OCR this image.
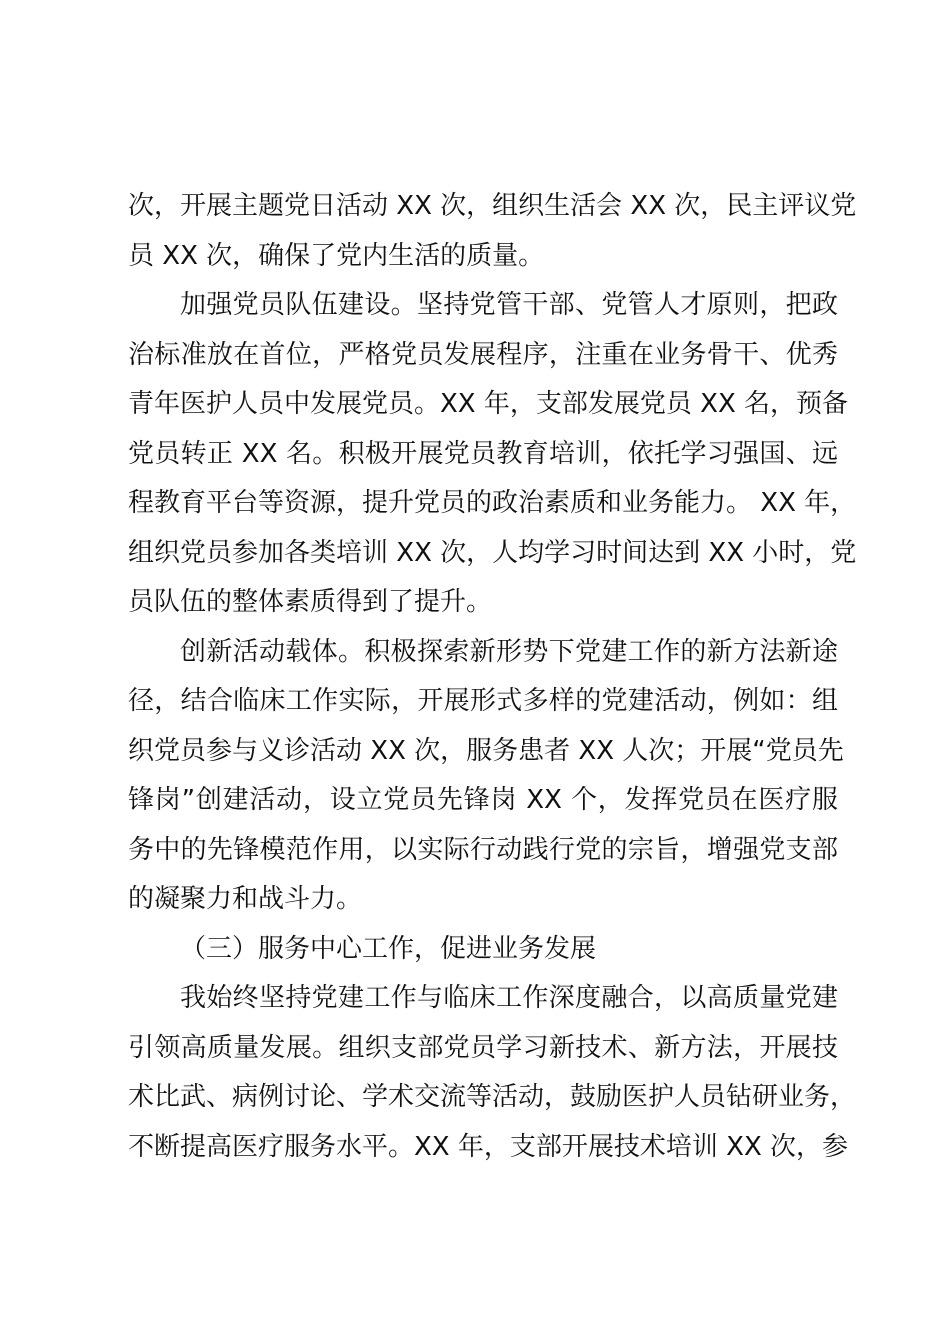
次，开展主题党日活动 XX 次，组织生活会 XX 次，民主评议党
员 XX 次，确保了党内生活的质量。
加强党员队伍建设。坚持党管干部、党管人才原则，把政
治标准放在首位，严格党员发展程序，注重在业务骨干、优秀
青年医护人员中发展党员。XX 年，支部发展党员 XX 名，预备
党员转正 XX 名。积极开展党员教育培训，依托学习强国、远
程教育平台等资源，提升党员的政治素质和业务能力。 XX 年，
组织党员参加各类培训 XX 次，人均学习时间达到 XX 小时，党
员队伍的整体素质得到了提升。
创新活动载体。积极探索新形势下党建工作的新方法新途
径，结合临床工作实际，开展形式多样的党建活动，例如：组
织党员参与义诊活动 XX 次，服务患者 XX 人次；开展“党员先
锋岗”创建活动，设立党员先锋岗 XX 个，发挥党员在医疗服
务中的先锋模范作用，以实际行动践行党的宗旨，增强党支部
的凝聚力和战斗力。
（三）服务中心工作，促进业务发展
我始终坚持党建工作与临床工作深度融合，以高质量党建
引领高质量发展。组织支部党员学习新技术、新方法，开展技
术比武、病例讨论、学术交流等活动，鼓励医护人员钻研业务，
不断提高医疗服务水平。XX 年，支部开展技术培训 XX 次，参
